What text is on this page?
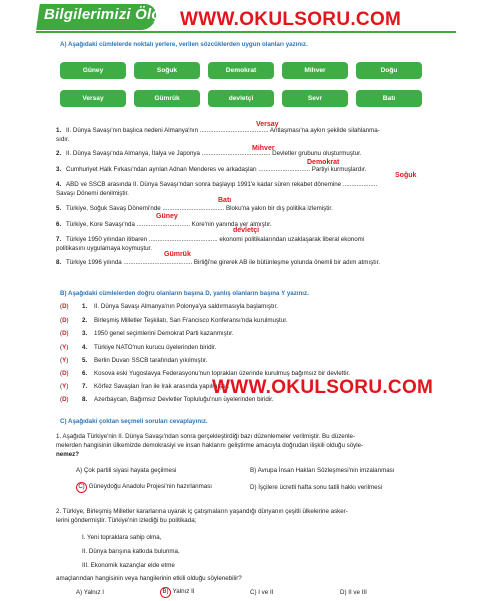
Bilgilerimizi Ölçelim
WWW.OKULSORU.COM
A) Aşağıdaki cümlelerde noktalı yerlere, verilen sözcüklerden uygun olanları yazınız.
Güney	Soğuk	Demokrat	Mihver	Doğu
Versay	Gümrük	devletçi	Sevr	Batı
1. II. Dünya Savaşı'nın başlıca nedeni Almanya'nın ........................................ Antlaşması'na aykırı şekilde silahlanma-
sıdır.
Versay
2. II. Dünya Savaşı'nda Almanya, İtalya ve Japonya ........................................ Devletler grubunu oluşturmuştur.
Mihver
3. Cumhuriyet Halk Fırkası'ndan ayrılan Adnan Menderes ve arkadaşları .............................. Partiyi kurmuşlardır.
Demokrat
4. ABD ve SSCB arasında II. Dünya Savaşı'ndan sonra başlayıp 1991'e kadar süren rekabet dönemine ....................
Savaşı Dönemi denilmiştir.
Soğuk
5. Türkiye, Soğuk Savaş Dönemi'nde .................................... Bloku'na yakın bir dış politika izlemiştir.
Batı
6. Türkiye, Kore Savaşı'nda ............................... Kore'nin yanında yer almıştır.
Güney
7. Türkiye 1950 yılından itibaren ........................................ ekonomi politikalarından uzaklaşarak liberal ekonomi
politikasını uygulamaya koymuştur.
devletçi
8. Türkiye 1996 yılında ........................................ Birliği'ne girerek AB ile bütünleşme yolunda önemli bir adım atmıştır.
Gümrük
B) Aşağıdaki cümlelerden doğru olanların başına D, yanlış olanların başına Y yazınız.
(D) 1. II. Dünya Savaşı Almanya'nın Polonya'ya saldırmasıyla başlamıştır.
(D) 2. Birleşmiş Milletler Teşkilatı, San Francisco Konferansı'nda kurulmuştur.
(D) 3. 1950 genel seçimlerini Demokrat Parti kazanmıştır.
(Y) 4. Türkiye NATO'nun kurucu üyelerinden biridir.
(Y) 5. Berlin Duvarı SSCB tarafından yıkılmıştır.
(D) 6. Kosova eski Yugoslavya Federasyonu'nun toprakları üzerinde kurulmuş bağımsız bir devlettir.
(Y) 7. Körfez Savaşları İran ile Irak arasında yapılmıştır.
(D) 8. Azerbaycan, Bağımsız Devletler Topluluğu'nun üyelerinden biridir.
WWW.OKULSORU.COM
C) Aşağıdaki çoktan seçmeli soruları cevaplayınız.
1. Aşağıda Türkiye'nin II. Dünya Savaşı'ndan sonra gerçekleştirdiği bazı düzenlemeler verilmiştir. Bu düzenle-
melerden hangisinin ülkemizde demokrasiyi ve insan haklarını geliştirme amacıyla doğrudan ilişkili olduğu söyle-
nemez?
A) Çok partili siyasi hayata geçilmesi	B) Avrupa İnsan Hakları Sözleşmesi'nin imzalanması
C) Güneydoğu Anadolu Projesi'nin hazırlanması	D) İşçilere ücretli hafta sonu tatili hakkı verilmesi
2. Türkiye, Birleşmiş Milletler kararlarına uyarak iç çatışmaların yaşandığı dünyanın çeşitli ülkelerine asker-
lerini göndermiştir. Türkiye'nin izlediği bu politikada;
I. Yeni topraklara sahip olma,
II. Dünya barışına katkıda bulunma,
III. Ekonomik kazançlar elde etme
amaçlarından hangisinin veya hangilerinin etkili olduğu söylenebilir?
A) Yalnız I	B) Yalnız II	C) I ve II	D) II ve III
